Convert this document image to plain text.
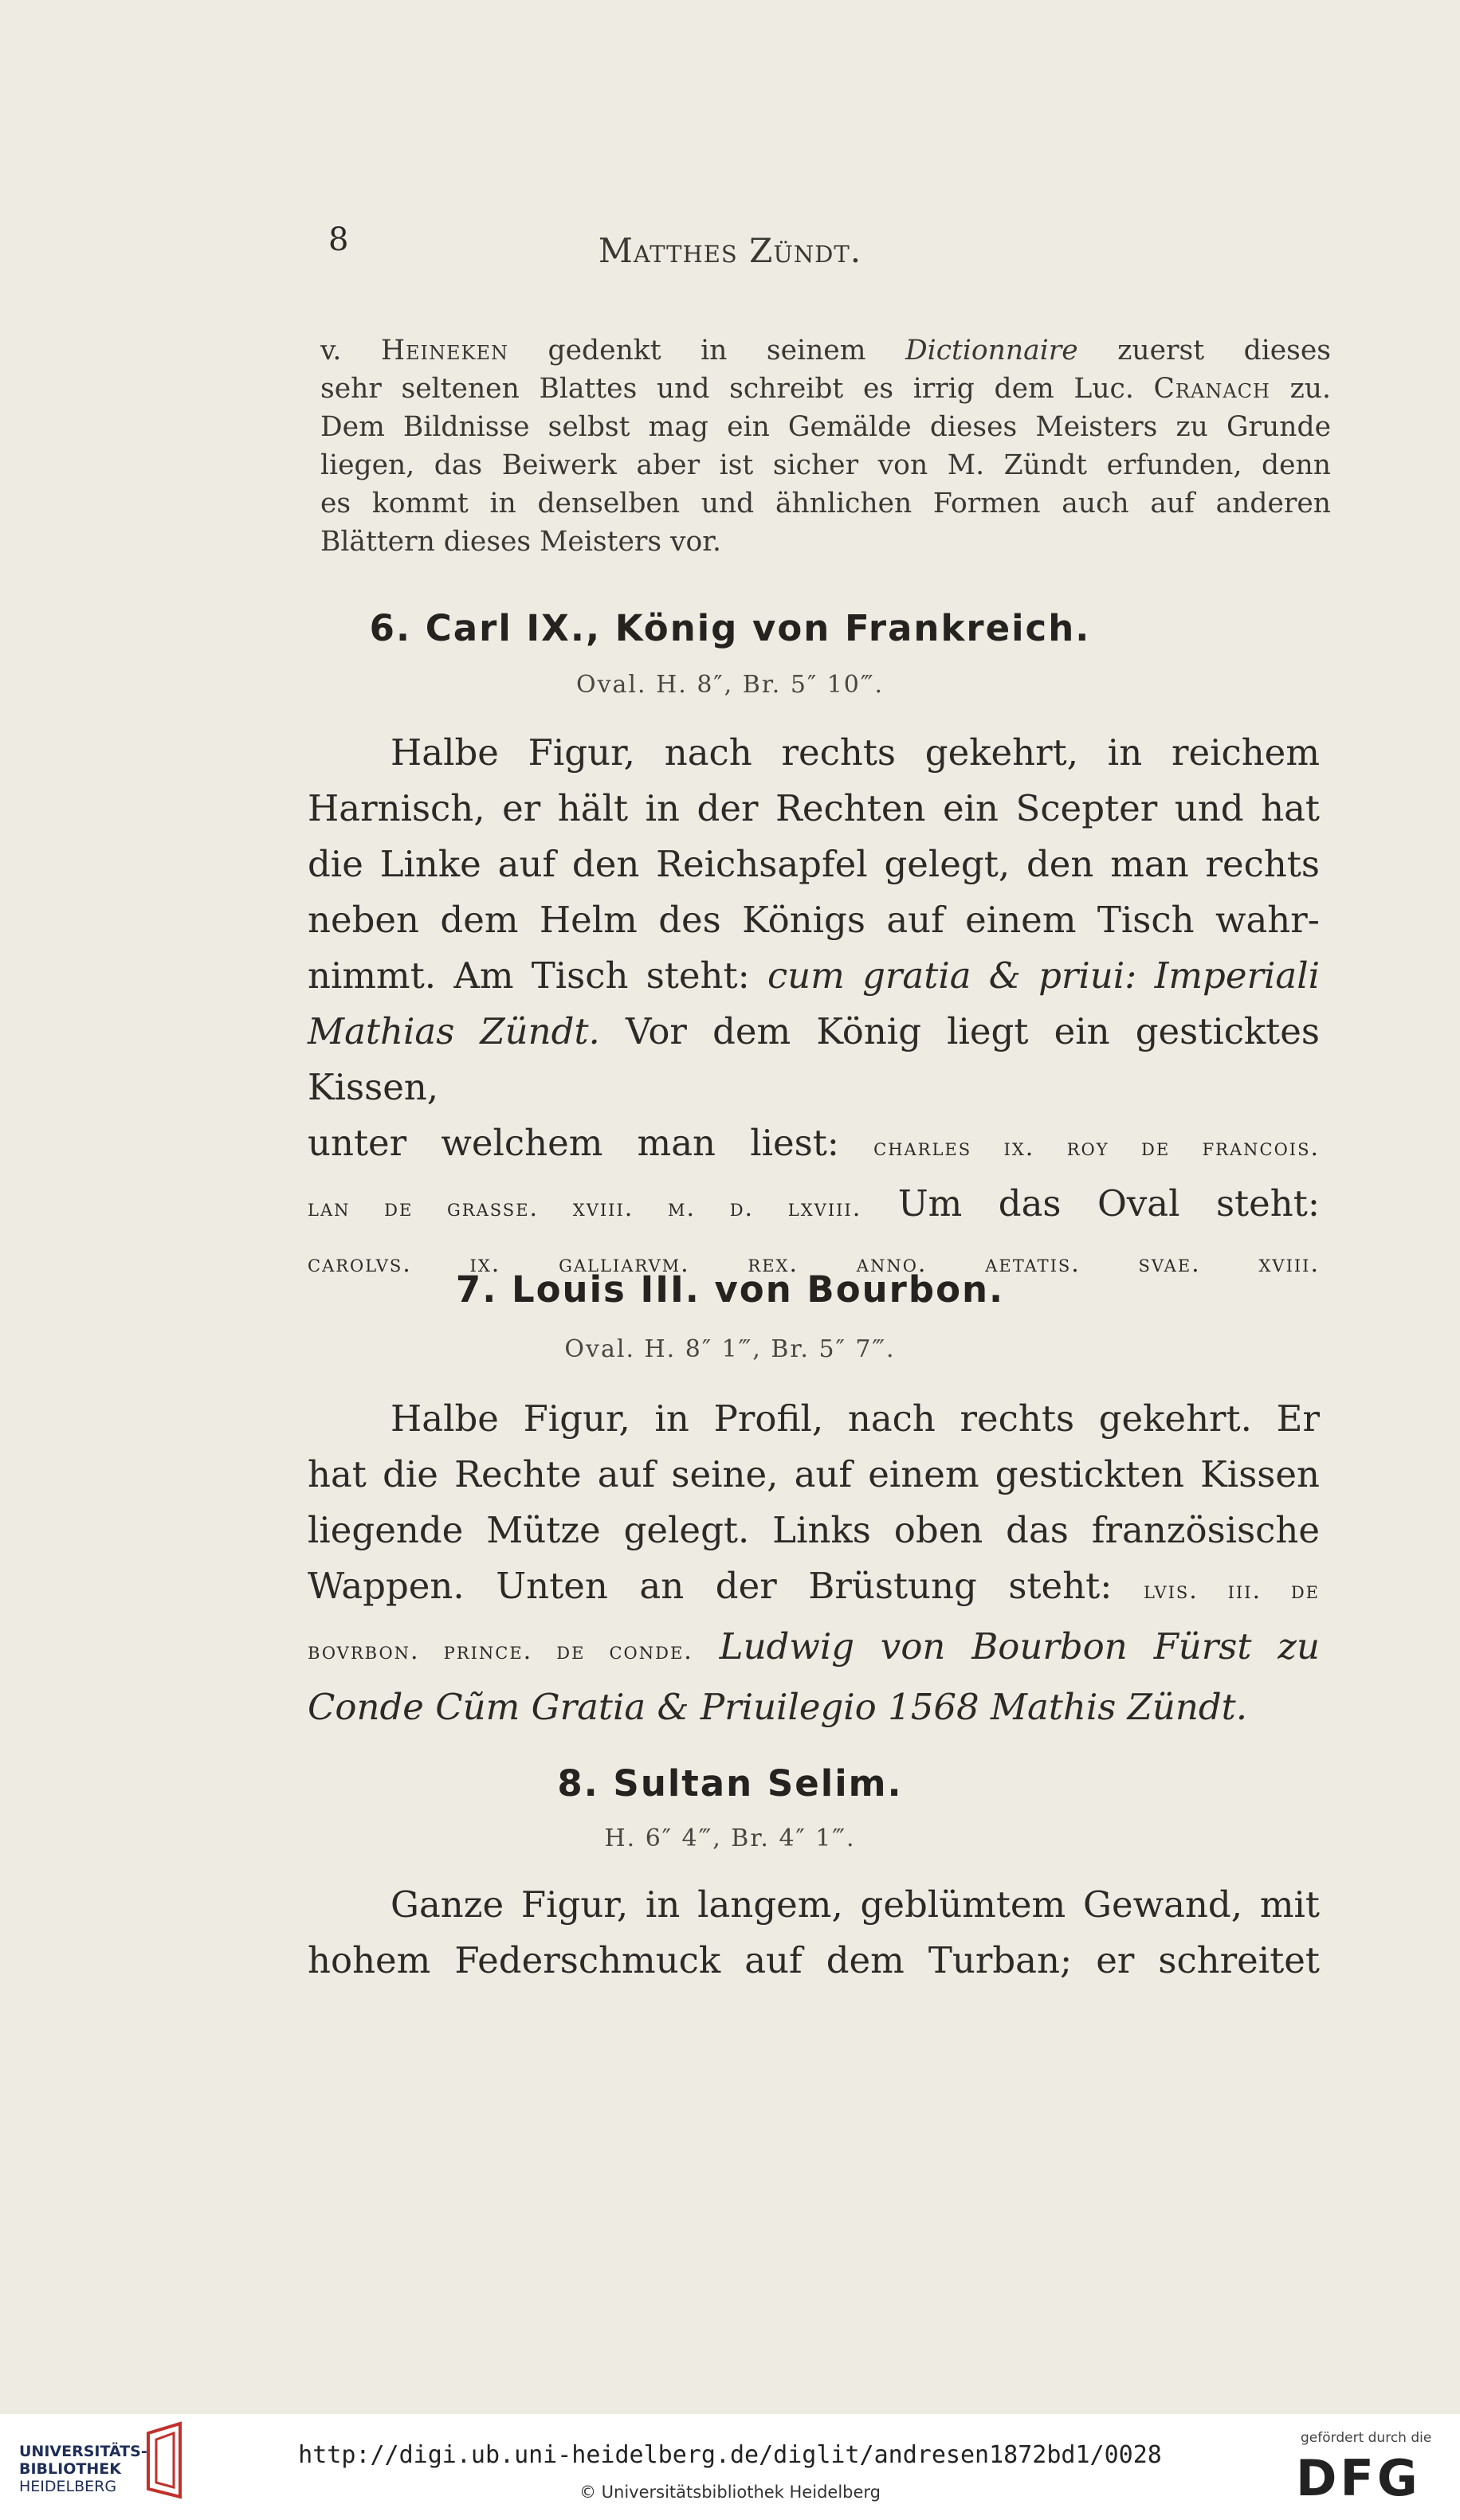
8	Matthes Zündt.
v. Heineken gedenkt in seinem Dictionnaire zuerst dieses
sehr seltenen Blattes und schreibt es irrig dem Luc. Cranach zu.
Dem Bildnisse selbst mag ein Gemälde dieses Meisters zu Grunde
liegen, das Beiwerk aber ist sicher von M. Zündt erfunden, denn
es kommt in denselben und ähnlichen Formen auch auf anderen
Blättern dieses Meisters vor.
6. Carl IX., König von Frankreich.
Oval. H. 8″, Br. 5″ 10‴.
Halbe Figur, nach rechts gekehrt, in reichem
Harnisch, er hält in der Rechten ein Scepter und hat
die Linke auf den Reichsapfel gelegt, den man rechts
neben dem Helm des Königs auf einem Tisch wahr-
nimmt. Am Tisch steht: cum gratia & priui: Imperiali
Mathias Zündt. Vor dem König liegt ein gesticktes Kissen,
unter welchem man liest: charles ix. roy de francois.
lan de grasse. xviii. m. d. lxviii. Um das Oval steht:
carolvs. ix. galliarvm. rex. anno. aetatis. svae. xviii.
7. Louis III. von Bourbon.
Oval. H. 8″ 1‴, Br. 5″ 7‴.
Halbe Figur, in Profil, nach rechts gekehrt. Er
hat die Rechte auf seine, auf einem gestickten Kissen
liegende Mütze gelegt. Links oben das französische
Wappen. Unten an der Brüstung steht: lvis. iii. de
bovrbon. prince. de conde. Ludwig von Bourbon Fürst zu
Conde Cũm Gratia & Priuilegio 1568 Mathis Zündt.
8. Sultan Selim.
H. 6″ 4‴, Br. 4″ 1‴.
Ganze Figur, in langem, geblümtem Gewand, mit
hohem Federschmuck auf dem Turban; er schreitet
UNIVERSITÄTS-
BIBLIOTHEK
HEIDELBERG
http://digi.ub.uni-heidelberg.de/diglit/andresen1872bd1/0028
© Universitätsbibliothek Heidelberg
gefördert durch die
DFG
